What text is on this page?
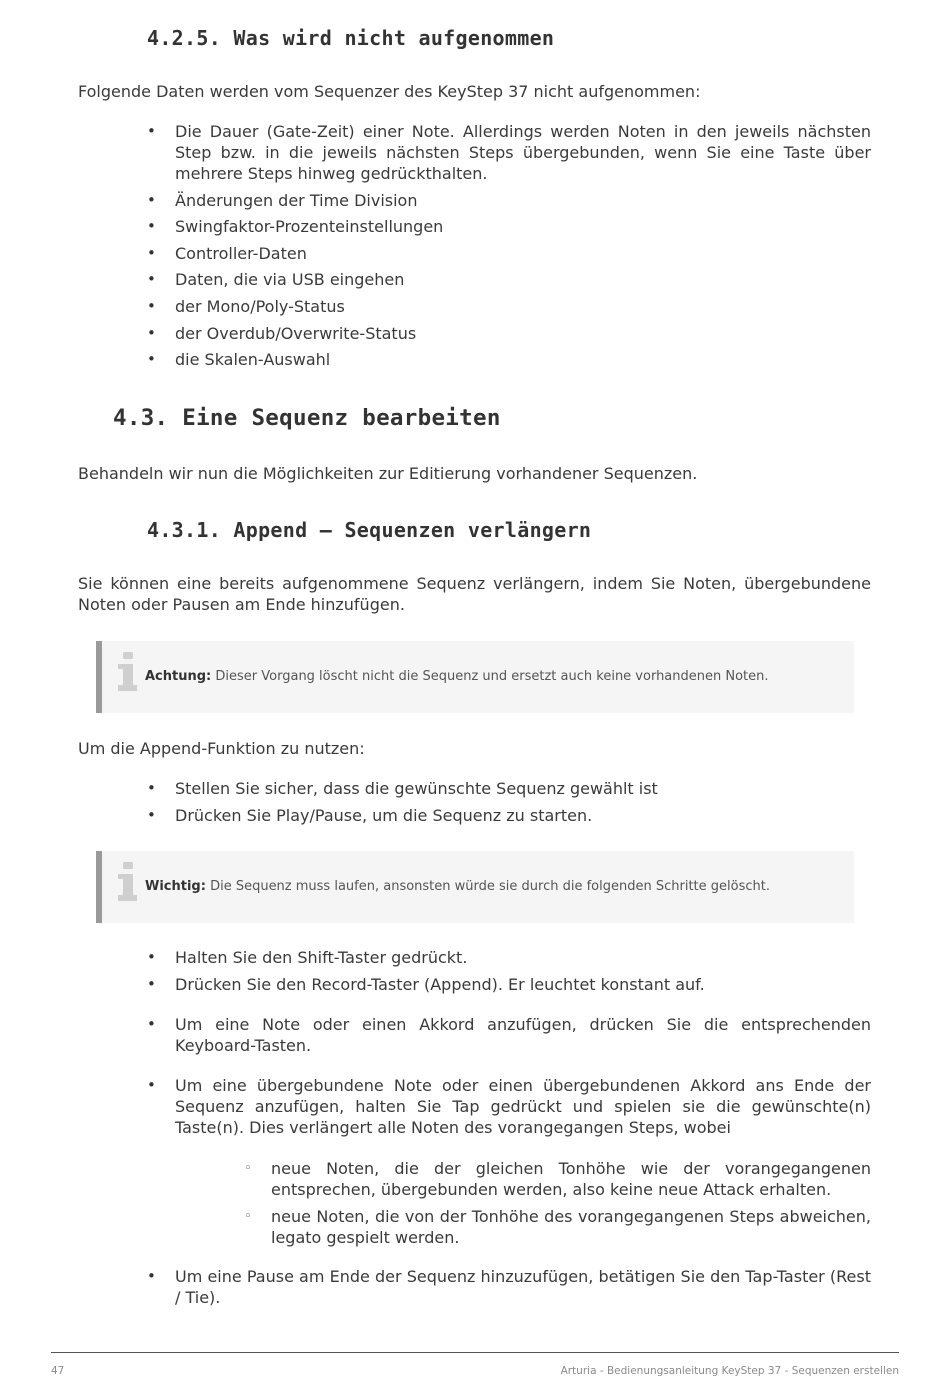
4.2.5. Was wird nicht aufgenommen

Folgende Daten werden vom Sequenzer des KeyStep 37 nicht aufgenommen:

• Die Dauer (Gate-Zeit) einer Note. Allerdings werden Noten in den jeweils nächsten Step bzw. in die jeweils nächsten Steps übergebunden, wenn Sie eine Taste über mehrere Steps hinweg gedrückthalten.
• Änderungen der Time Division
• Swingfaktor-Prozenteinstellungen
• Controller-Daten
• Daten, die via USB eingehen
• der Mono/Poly-Status
• der Overdub/Overwrite-Status
• die Skalen-Auswahl
4.3. Eine Sequenz bearbeiten

Behandeln wir nun die Möglichkeiten zur Editierung vorhandener Sequenzen.

4.3.1. Append – Sequenzen verlängern

Sie können eine bereits aufgenommene Sequenz verlängern, indem Sie Noten, übergebundene Noten oder Pausen am Ende hinzufügen.

Achtung: Dieser Vorgang löscht nicht die Sequenz und ersetzt auch keine vorhandenen Noten.

Um die Append-Funktion zu nutzen:

• Stellen Sie sicher, dass die gewünschte Sequenz gewählt ist
• Drücken Sie Play/Pause, um die Sequenz zu starten.
Wichtig: Die Sequenz muss laufen, ansonsten würde sie durch die folgenden Schritte gelöscht.
• Halten Sie den Shift-Taster gedrückt.
• Drücken Sie den Record-Taster (Append). Er leuchtet konstant auf.
• Um eine Note oder einen Akkord anzufügen, drücken Sie die entsprechenden Keyboard-Tasten.
• Um eine übergebundene Note oder einen übergebundenen Akkord ans Ende der Sequenz anzufügen, halten Sie Tap gedrückt und spielen sie die gewünschte(n) Taste(n). Dies verlängert alle Noten des vorangegangen Steps, wobei
◦ neue Noten, die der gleichen Tonhöhe wie der vorangegangenen entsprechen, übergebunden werden, also keine neue Attack erhalten.
◦ neue Noten, die von der Tonhöhe des vorangegangenen Steps abweichen, legato gespielt werden.
• Um eine Pause am Ende der Sequenz hinzuzufügen, betätigen Sie den Tap-Taster (Rest / Tie).
47	Arturia - Bedienungsanleitung KeyStep 37 - Sequenzen erstellen
